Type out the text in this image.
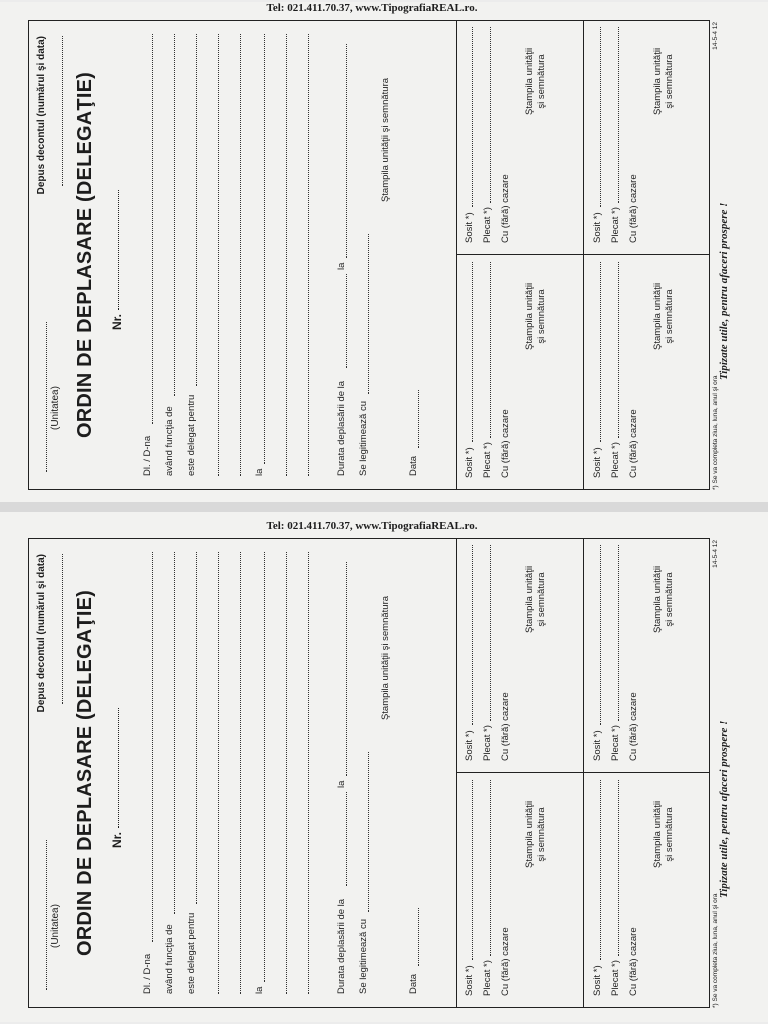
(Unitatea)
Depus decontul (numărul şi data) ORDIN DE DEPLASARE (DELEGAŢIE) Nr.
Dl. / D-na având funcţia de este delegat pentru	la	Durata deplasării de la
la
Se legitimează cu
Ştampila unităţii şi semnătura
Data	Sosit *) Plecat *) Cu (fără) cazare
Ştampila unităţii
şi semnătura
Sosit *) Plecat *) Cu (fără) cazare
Ştampila unităţii
şi semnătura
Sosit *) Plecat *) Cu (fără) cazare
Ştampila unităţii
şi semnătura
Sosit *) Plecat *) Cu (fără) cazare
Ştampila unităţii
şi semnătura
*) Se va completa ziua, luna, anul şi ora
14-5-4 12
Tipizate utile, pentru afaceri prospere !
Tel: 021.411.70.37, www.TipografiaREAL.ro.
(Unitatea)
Depus decontul (numărul şi data) ORDIN DE DEPLASARE (DELEGAŢIE) Nr.
Dl. / D-na având funcţia de este delegat pentru	la	Durata deplasării de la
la
Se legitimează cu
Ştampila unităţii şi semnătura
Data	Sosit *) Plecat *) Cu (fără) cazare
Ştampila unităţii
şi semnătura
Sosit *) Plecat *) Cu (fără) cazare
Ştampila unităţii
şi semnătura
Sosit *) Plecat *) Cu (fără) cazare
Ştampila unităţii
şi semnătura
Sosit *) Plecat *) Cu (fără) cazare
Ştampila unităţii
şi semnătura
*) Se va completa ziua, luna, anul şi ora
14-5-4 12
Tipizate utile, pentru afaceri prospere !
Tel: 021.411.70.37, www.TipografiaREAL.ro.
